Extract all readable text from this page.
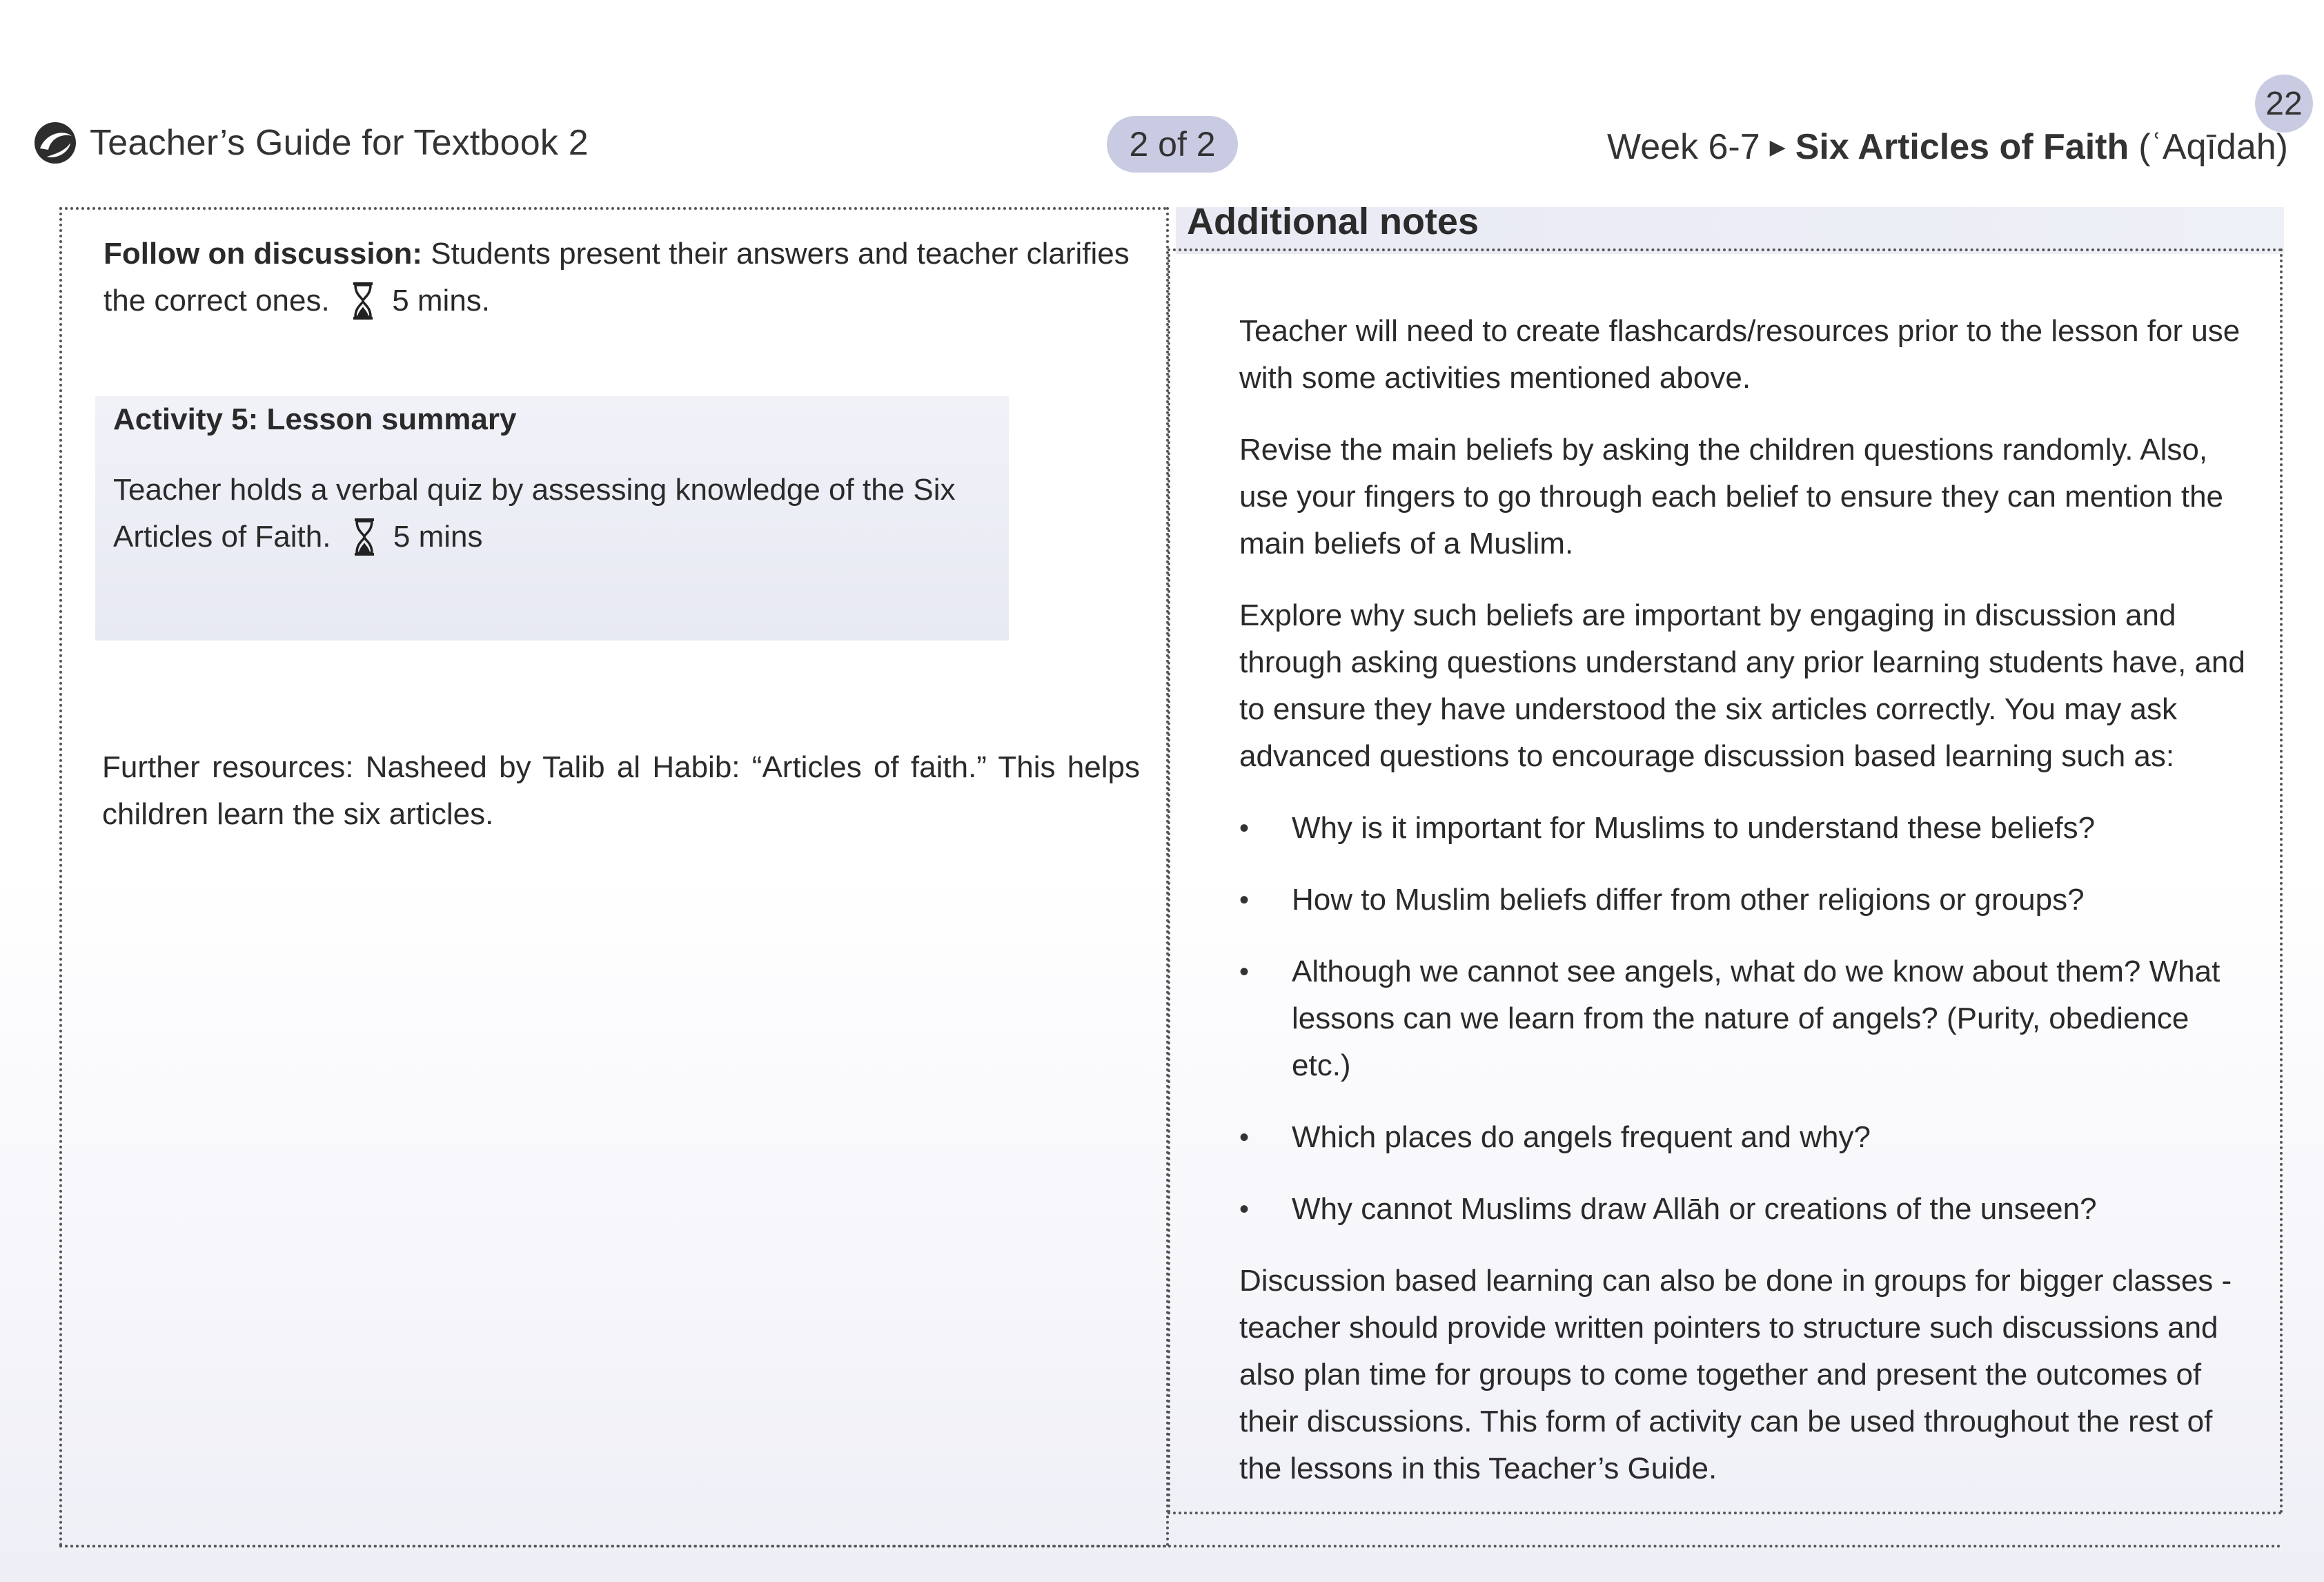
Teacher’s Guide for Textbook 2	2 of 2
22
Week 6-7 ▶ Six Articles of Faith (ʿAqīdah)
Follow on discussion: Students present their answers and teacher clarifies the correct ones. 5 mins.
Activity 5: Lesson summary
Teacher holds a verbal quiz by assessing knowledge of the Six Articles of Faith. 5 mins
Further resources: Nasheed by Talib al Habib: “Articles of faith.” This helps children learn the six articles.
Additional notes

Teacher will need to create flashcards/resources prior to the lesson for use with some activities mentioned above.

Revise the main beliefs by asking the children questions randomly. Also, use your fingers to go through each belief to ensure they can mention the main beliefs of a Muslim.

Explore why such beliefs are important by engaging in discussion and through asking questions understand any prior learning students have, and to ensure they have understood the six articles correctly. You may ask advanced questions to encourage discussion based learning such as:

• Why is it important for Muslims to understand these beliefs?
• How to Muslim beliefs differ from other religions or groups?
• Although we cannot see angels, what do we know about them? What lessons can we learn from the nature of angels? (Purity, obedience etc.)
• Which places do angels frequent and why?
• Why cannot Muslims draw Allāh or creations of the unseen?

Discussion based learning can also be done in groups for bigger classes - teacher should provide written pointers to structure such discussions and also plan time for groups to come together and present the outcomes of their discussions. This form of activity can be used throughout the rest of the lessons in this Teacher’s Guide.
